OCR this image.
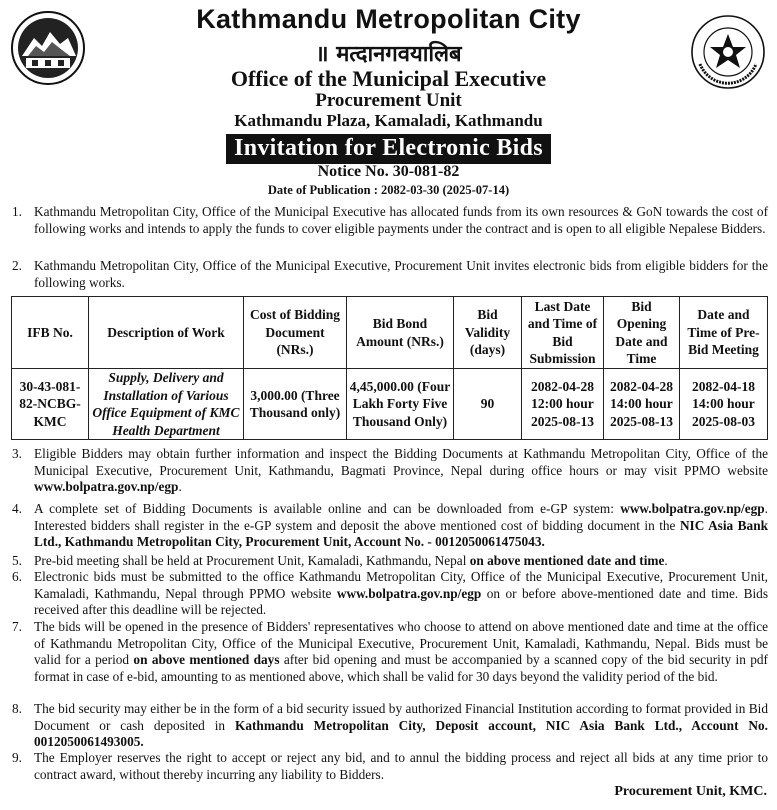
Kathmandu Metropolitan City
॥ मत्दानगवयालिब
Office of the Municipal Executive
Procurement Unit
Kathmandu Plaza, Kamaladi, Kathmandu
Invitation for Electronic Bids
Notice No. 30-081-82
Date of Publication : 2082-03-30 (2025-07-14)
1. Kathmandu Metropolitan City, Office of the Municipal Executive has allocated funds from its own resources & GoN towards the cost of following works and intends to apply the funds to cover eligible payments under the contract and is open to all eligible Nepalese Bidders.
2. Kathmandu Metropolitan City, Office of the Municipal Executive, Procurement Unit invites electronic bids from eligible bidders for the following works.
IFB No.	Description of Work	Cost of Bidding Document (NRs.)	Bid Bond Amount (NRs.)	Bid Validity (days)	Last Date and Time of Bid Submission	Bid Opening Date and Time	Date and Time of Pre-Bid Meeting
30-43-081-82-NCBG-KMC	Supply, Delivery and Installation of Various Office Equipment of KMC Health Department	3,000.00 (Three Thousand only)	4,45,000.00 (Four Lakh Forty Five Thousand Only)	90	2082-04-28 12:00 hour 2025-08-13	2082-04-28 14:00 hour 2025-08-13	2082-04-18 14:00 hour 2025-08-03
3. Eligible Bidders may obtain further information and inspect the Bidding Documents at Kathmandu Metropolitan City, Office of the Municipal Executive, Procurement Unit, Kathmandu, Bagmati Province, Nepal during office hours or may visit PPMO website www.bolpatra.gov.np/egp.
4. A complete set of Bidding Documents is available online and can be downloaded from e-GP system: www.bolpatra.gov.np/egp. Interested bidders shall register in the e-GP system and deposit the above mentioned cost of bidding document in the NIC Asia Bank Ltd., Kathmandu Metropolitan City, Procurement Unit, Account No. - 0012050061475043.
5. Pre-bid meeting shall be held at Procurement Unit, Kamaladi, Kathmandu, Nepal on above mentioned date and time.
6. Electronic bids must be submitted to the office Kathmandu Metropolitan City, Office of the Municipal Executive, Procurement Unit, Kamaladi, Kathmandu, Nepal through PPMO website www.bolpatra.gov.np/egp on or before above-mentioned date and time. Bids received after this deadline will be rejected.
7. The bids will be opened in the presence of Bidders' representatives who choose to attend on above mentioned date and time at the office of Kathmandu Metropolitan City, Office of the Municipal Executive, Procurement Unit, Kamaladi, Kathmandu, Nepal. Bids must be valid for a period on above mentioned days after bid opening and must be accompanied by a scanned copy of the bid security in pdf format in case of e-bid, amounting to as mentioned above, which shall be valid for 30 days beyond the validity period of the bid.
8. The bid security may either be in the form of a bid security issued by authorized Financial Institution according to format provided in Bid Document or cash deposited in Kathmandu Metropolitan City, Deposit account, NIC Asia Bank Ltd., Account No. 0012050061493005.
9. The Employer reserves the right to accept or reject any bid, and to annul the bidding process and reject all bids at any time prior to contract award, without thereby incurring any liability to Bidders.
Procurement Unit, KMC.
